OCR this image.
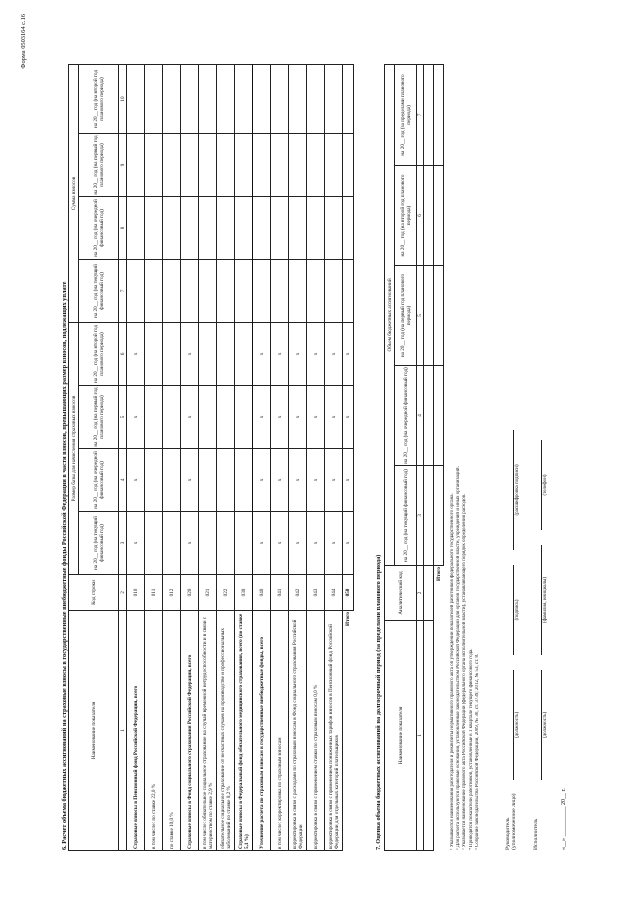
Форма 0503164 с.16
6. Расчет объема бюджетных ассигнований на страховые взносы в государственные внебюджетные фонды Российской Федерации в части взносов, превышающих размер взносов, подлежащих уплате	Наименование показателя	Код строки	Размер базы для начисления страховых взносов				Сумма взносов			
		на 20__ год (на текущий финансовый год)	на 20__ год (на очередной финансовый год)	на 20__ год (на первый год планового периода)	на 20__ год (на второй год планового периода)	на 20__ год (на текущий финансовый год)	на 20__ год (на очередной финансовый год)	на 20__ год (на первый год планового периода)	на 20__ год (на второй год планового периода)
1	2	3	4	5	6	7	8	9	10
Страховые взносы в Пенсионный фонд Российской Федерации, всего	010	x	x	x	x				
в том числе: по ставке 22,0 %	011								
по ставке 10,0 %	012								
Страховые взносы в Фонд социального страхования Российской Федерации, всего	020	x	x	x	x				
в том числе: обязательное социальное страхование на случай временной нетрудоспособности и в связи с материнством по ставке 2,9 %	021								
обязательное социальное страхование от несчастных случаев на производстве и профессиональных заболеваний по ставке 0,2 %	022								
Страховые взносы в Федеральный фонд обязательного медицинского страхования, всего (по ставке 5,1 %)	030								
Уточнение расчета по страховым взносам в государственные внебюджетные фонды, всего	040	x	x	x	x				
в том числе: корректировка по страховым взносам	041	x	x	x	x				
корректировка в связи с расходами по страховым взносам в Фонд социального страхования Российской Федерации	042	x	x	x	x				
корректировка в связи с применением ставки по страховым взносам 0,0 %	043	x	x	x	x				
корректировка в связи с применением пониженных тарифов взносов в Пенсионный фонд Российской Федерации для отдельных категорий плательщиков	044	x	x	x	x				
Итого	050	x	x	x	x				
7. Оценка объема бюджетных ассигнований на долгосрочный период (за пределами планового периода)	Наименование показателя	Аналитический код	Объем бюджетных ассигнований				
		на 20__ год (на текущий финансовый год)	на 20__ год (на очередной финансовый год)	на 20__ год (на первый год планового периода)	на 20__ год (на второй год планового периода)	на 20__ год (за пределами планового периода)
1	2	3	4	5	6	7

Итого						¹ Указываются наименования работодателя и реквизиты нормативного правового акта об утверждении показателей работников федерального государственного органа. ² Для расчета используются правовые основания, установленные законодательством Российской Федерации для органов государственной власти, учреждений и иных организаций. ³ Указывается наименование правового акта Российской Федерации (федерального органа исполнительной власти), устанавливающего порядок определения расходов. ⁴ Приводятся показатели работников, установленные в 1 квартале текущего финансового года. ⁵ Собрание законодательства Российской Федерации, 2009, № 30, ст. 3739; 2012, № 53, ст. 8.	Руководитель (уполномоченное лицо)
(должность)
(подпись)
(расшифровка подписи)
Исполнитель
(должность)
(фамилия, инициалы)
(телефон)
«__» __________ 20__ г.
